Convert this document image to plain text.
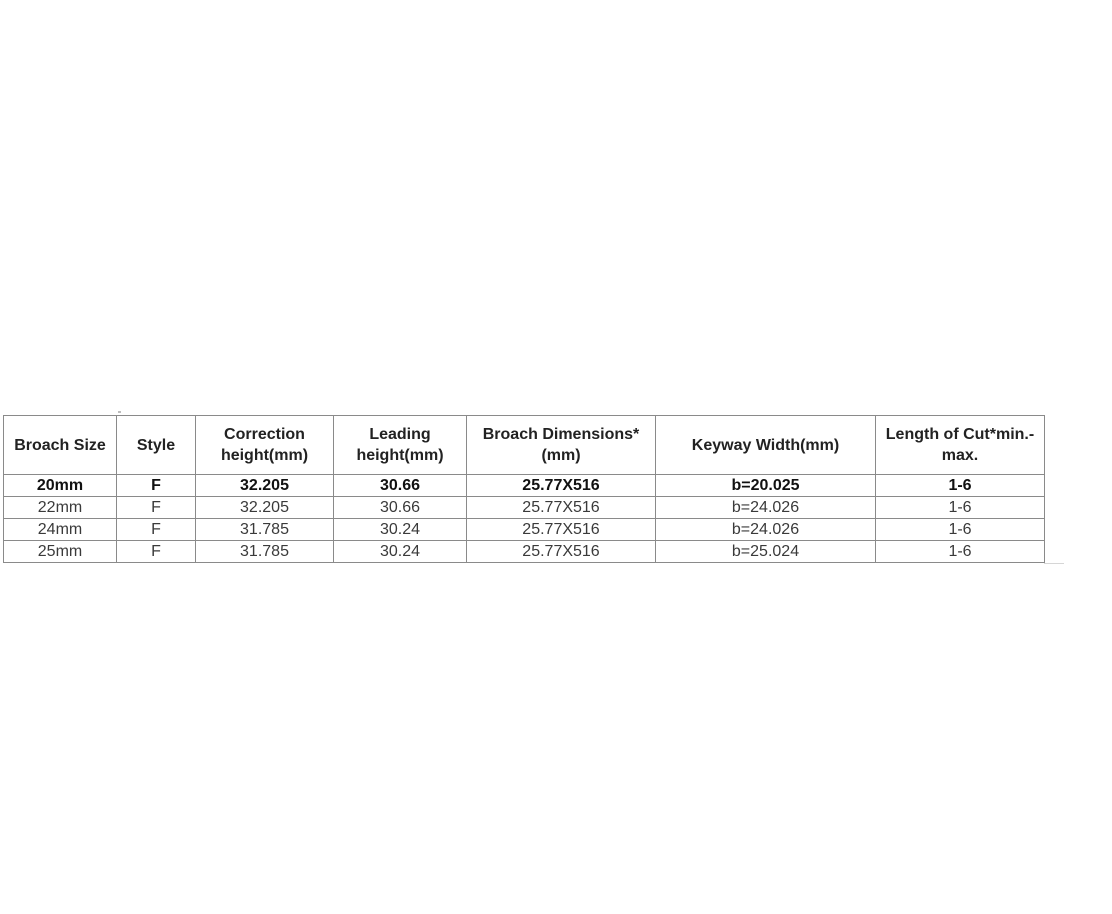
Broach Size	Style	Correction height(mm)	Leading height(mm)	Broach Dimensions* (mm)	Keyway Width(mm)	Length of Cut*min.- max.
20mm	F	32.205	30.66	25.77X516	b=20.025	1-6
22mm	F	32.205	30.66	25.77X516	b=24.026	1-6
24mm	F	31.785	30.24	25.77X516	b=24.026	1-6
25mm	F	31.785	30.24	25.77X516	b=25.024	1-6
